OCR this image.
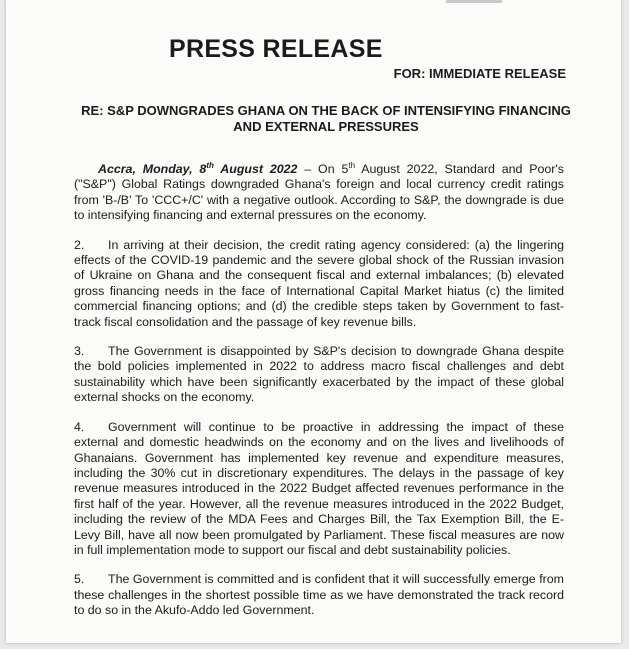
PRESS RELEASE
FOR: IMMEDIATE RELEASE
RE: S&P DOWNGRADES GHANA ON THE BACK OF INTENSIFYING FINANCING AND EXTERNAL PRESSURES

Accra, Monday, 8th August 2022 – On 5th August 2022, Standard and Poor's ("S&P") Global Ratings downgraded Ghana's foreign and local currency credit ratings from 'B-/B' To 'CCC+/C' with a negative outlook. According to S&P, the downgrade is due to intensifying financing and external pressures on the economy.

2. In arriving at their decision, the credit rating agency considered: (a) the lingering effects of the COVID-19 pandemic and the severe global shock of the Russian invasion of Ukraine on Ghana and the consequent fiscal and external imbalances; (b) elevated gross financing needs in the face of International Capital Market hiatus (c) the limited commercial financing options; and (d) the credible steps taken by Government to fast-track fiscal consolidation and the passage of key revenue bills.

3. The Government is disappointed by S&P's decision to downgrade Ghana despite the bold policies implemented in 2022 to address macro fiscal challenges and debt sustainability which have been significantly exacerbated by the impact of these global external shocks on the economy.

4. Government will continue to be proactive in addressing the impact of these external and domestic headwinds on the economy and on the lives and livelihoods of Ghanaians. Government has implemented key revenue and expenditure measures, including the 30% cut in discretionary expenditures. The delays in the passage of key revenue measures introduced in the 2022 Budget affected revenues performance in the first half of the year. However, all the revenue measures introduced in the 2022 Budget, including the review of the MDA Fees and Charges Bill, the Tax Exemption Bill, the E-Levy Bill, have all now been promulgated by Parliament. These fiscal measures are now in full implementation mode to support our fiscal and debt sustainability policies.

5. The Government is committed and is confident that it will successfully emerge from these challenges in the shortest possible time as we have demonstrated the track record to do so in the Akufo-Addo led Government.
